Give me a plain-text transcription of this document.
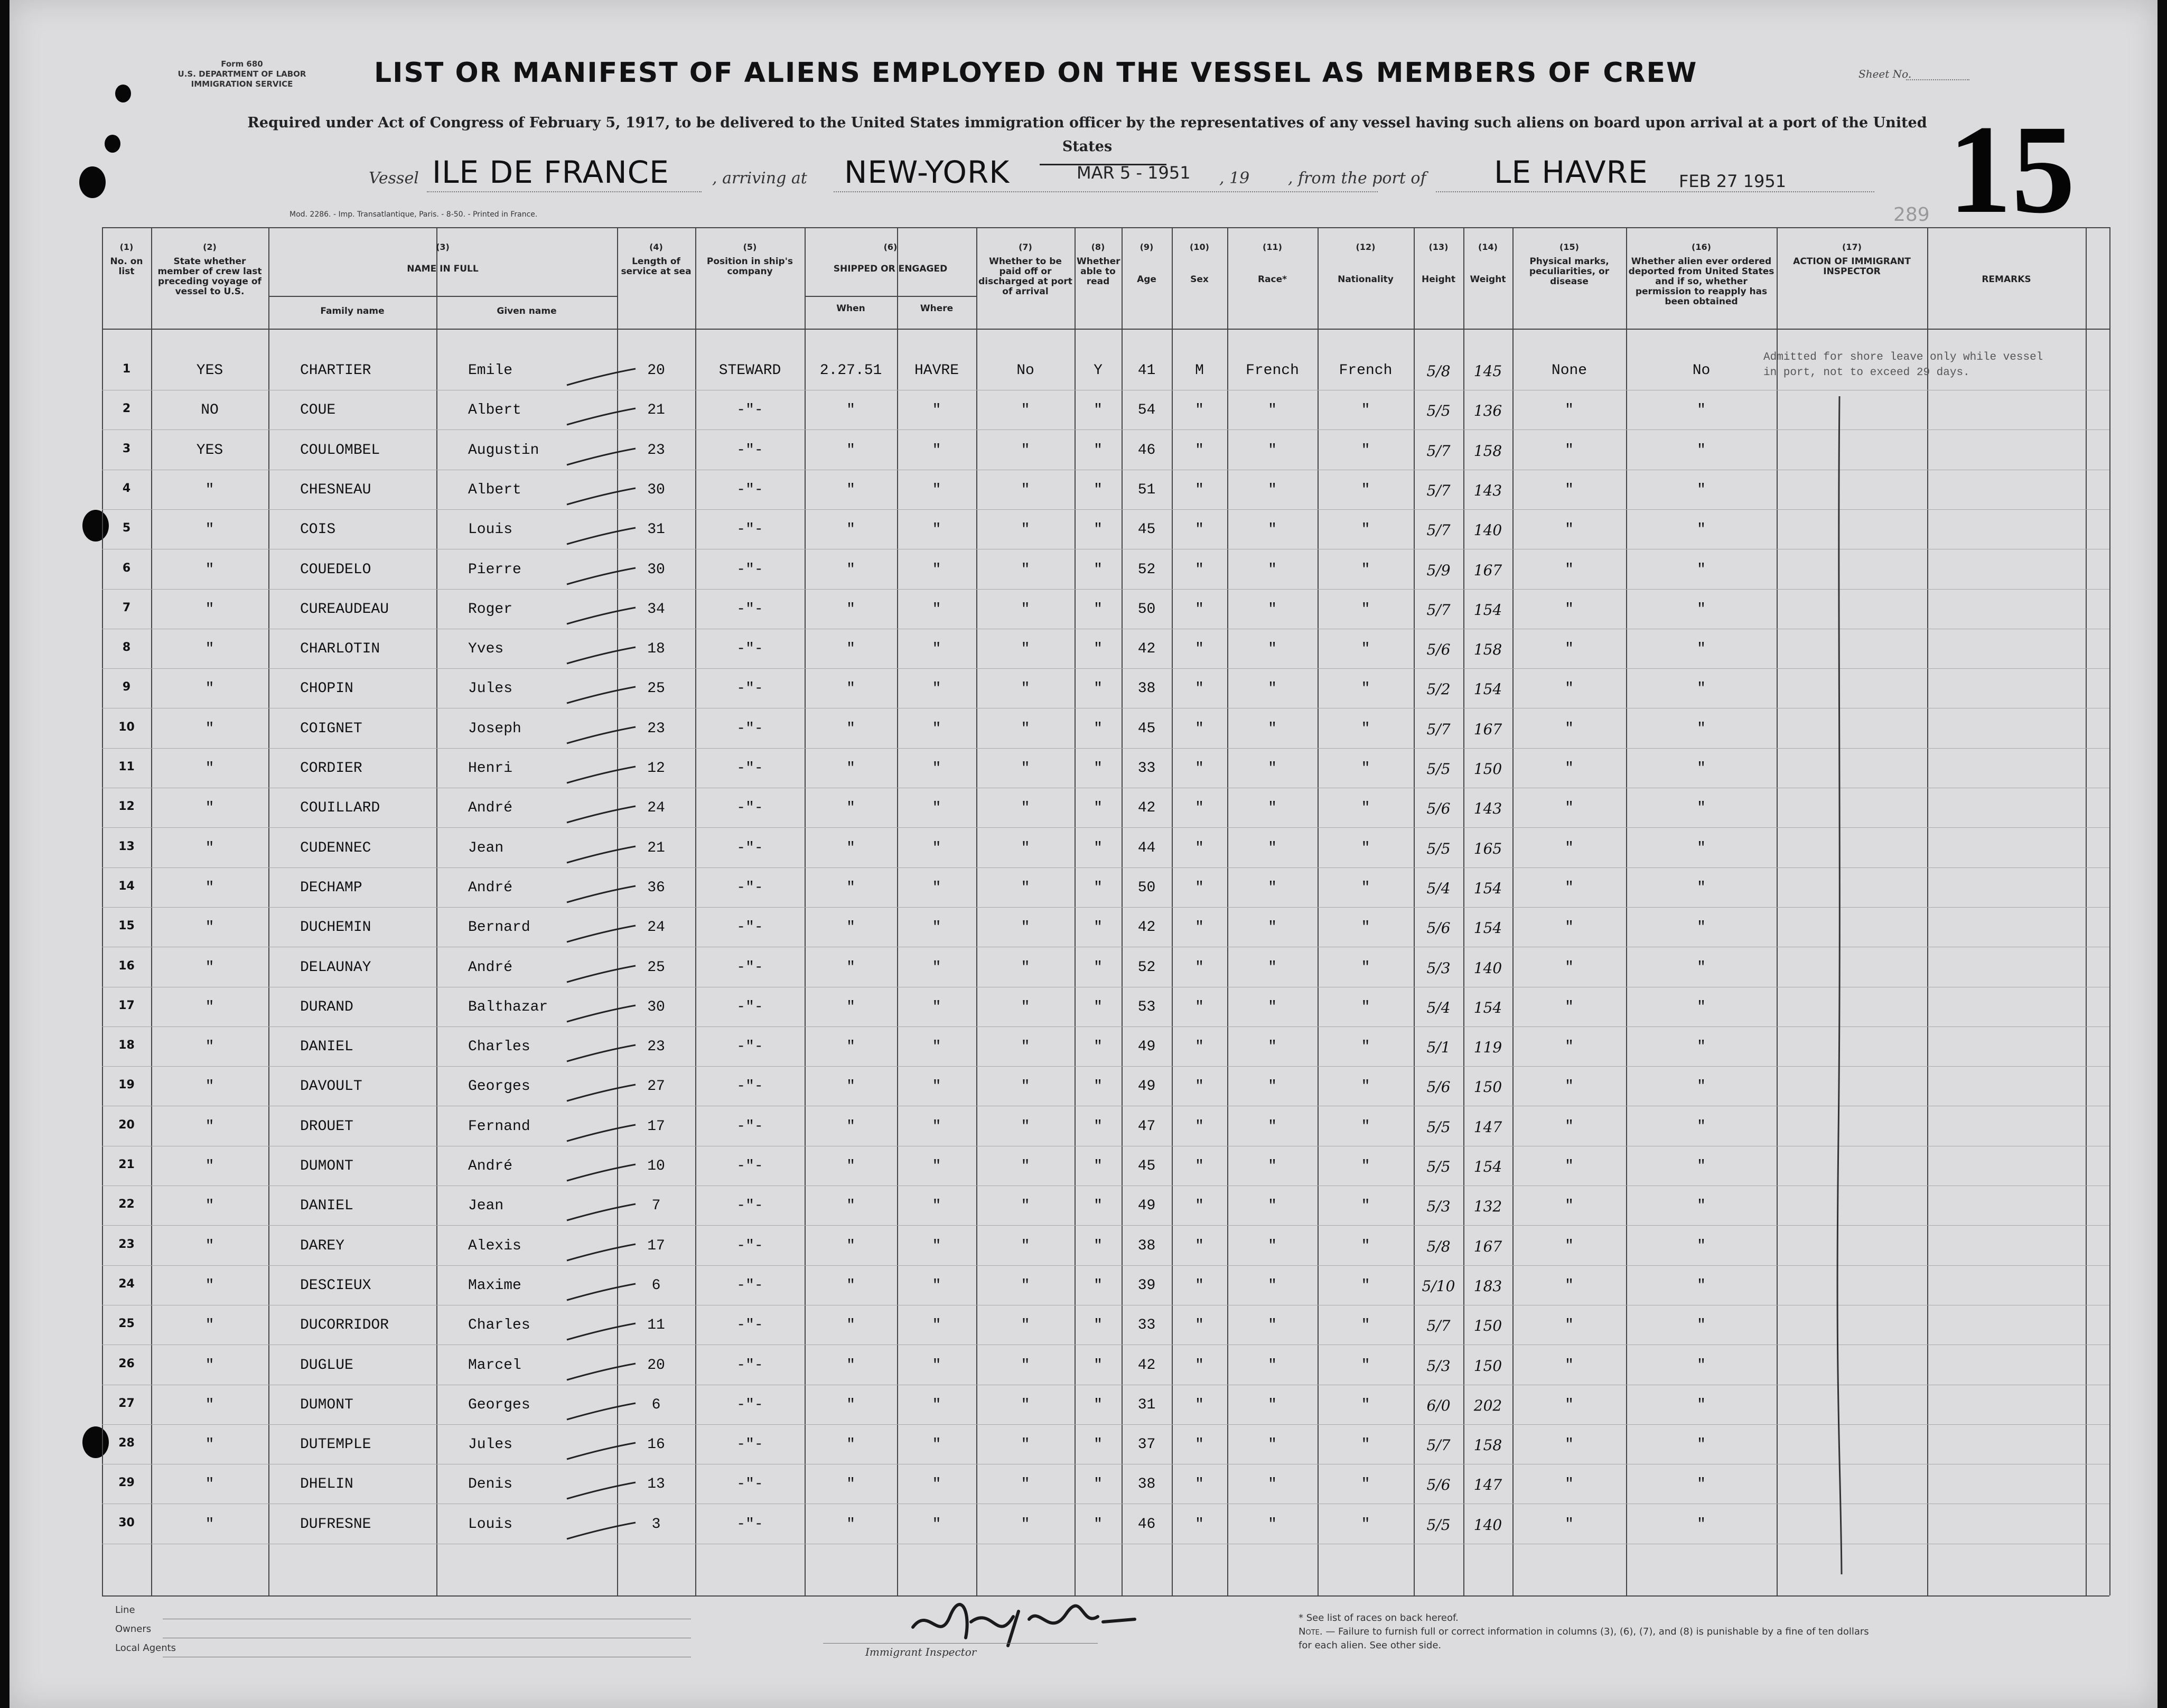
Form 680
U.S. DEPARTMENT OF LABOR
IMMIGRATION SERVICE	LIST OR MANIFEST OF ALIENS EMPLOYED ON THE VESSEL AS MEMBERS OF CREW	Sheet No.
Required under Act of Congress of February 5, 1917, to be delivered to the United States immigration officer by the representatives of any vessel having such aliens on board upon arrival at a port of the United States
Vessel ILE DE FRANCE	, arriving at NEW-YORK	MAR 5 - 1951 , 19 , from the port of LE HAVRE FEB 27 1951
Mod. 2286. - Imp. Transatlantique, Paris. - 8-50. - Printed in France.	15
289
(1)
No. on list
(2)
State whether member of crew last preceding voyage of vessel to U.S.
(3)
NAME IN FULL
(4)
Length of service at sea
(5)
Position in ship's company
(6)
SHIPPED OR ENGAGED
(7)
Whether to be paid off or discharged at port of arrival
(8)
Whether able to read
(9)
Age
(10)
Sex
(11)
Race*
(12)
Nationality
(13)
Height
(14)
Weight
(15)
Physical marks, peculiarities, or disease
(16)
Whether alien ever ordered deported from United States and if so, whether permission to reapply has been obtained
(17)
ACTION OF IMMIGRANT INSPECTOR
REMARKS
Family name	Given name	When	Where
1	YES	CHARTIER	Emile	20	STEWARD	2.27.51	HAVRE	No	Y	41	M	French	French	5/8	145	None	No
2	NO	COUE	Albert	21	-"-	"	"	"	"	54	"	"	"	5/5	136	"	"
3	YES	COULOMBEL	Augustin	23	-"-	"	"	"	"	46	"	"	"	5/7	158	"	"
4	"	CHESNEAU	Albert	30	-"-	"	"	"	"	51	"	"	"	5/7	143	"	"
5	"	COIS	Louis	31	-"-	"	"	"	"	45	"	"	"	5/7	140	"	"
6	"	COUEDELO	Pierre	30	-"-	"	"	"	"	52	"	"	"	5/9	167	"	"
7	"	CUREAUDEAU	Roger	34	-"-	"	"	"	"	50	"	"	"	5/7	154	"	"
8	"	CHARLOTIN	Yves	18	-"-	"	"	"	"	42	"	"	"	5/6	158	"	"
9	"	CHOPIN	Jules	25	-"-	"	"	"	"	38	"	"	"	5/2	154	"	"
10	"	COIGNET	Joseph	23	-"-	"	"	"	"	45	"	"	"	5/7	167	"	"
11	"	CORDIER	Henri	12	-"-	"	"	"	"	33	"	"	"	5/5	150	"	"
12	"	COUILLARD	André	24	-"-	"	"	"	"	42	"	"	"	5/6	143	"	"
13	"	CUDENNEC	Jean	21	-"-	"	"	"	"	44	"	"	"	5/5	165	"	"
14	"	DECHAMP	André	36	-"-	"	"	"	"	50	"	"	"	5/4	154	"	"
15	"	DUCHEMIN	Bernard	24	-"-	"	"	"	"	42	"	"	"	5/6	154	"	"
16	"	DELAUNAY	André	25	-"-	"	"	"	"	52	"	"	"	5/3	140	"	"
17	"	DURAND	Balthazar	30	-"-	"	"	"	"	53	"	"	"	5/4	154	"	"
18	"	DANIEL	Charles	23	-"-	"	"	"	"	49	"	"	"	5/1	119	"	"
19	"	DAVOULT	Georges	27	-"-	"	"	"	"	49	"	"	"	5/6	150	"	"
20	"	DROUET	Fernand	17	-"-	"	"	"	"	47	"	"	"	5/5	147	"	"
21	"	DUMONT	André	10	-"-	"	"	"	"	45	"	"	"	5/5	154	"	"
22	"	DANIEL	Jean	7	-"-	"	"	"	"	49	"	"	"	5/3	132	"	"
23	"	DAREY	Alexis	17	-"-	"	"	"	"	38	"	"	"	5/8	167	"	"
24	"	DESCIEUX	Maxime	6	-"-	"	"	"	"	39	"	"	"	5/10	183	"	"
25	"	DUCORRIDOR	Charles	11	-"-	"	"	"	"	33	"	"	"	5/7	150	"	"
26	"	DUGLUE	Marcel	20	-"-	"	"	"	"	42	"	"	"	5/3	150	"	"
27	"	DUMONT	Georges	6	-"-	"	"	"	"	31	"	"	"	6/0	202	"	"
28	"	DUTEMPLE	Jules	16	-"-	"	"	"	"	37	"	"	"	5/7	158	"	"
29	"	DHELIN	Denis	13	-"-	"	"	"	"	38	"	"	"	5/6	147	"	"
30	"	DUFRESNE	Louis	3	-"-	"	"	"	"	46	"	"	"	5/5	140	"	"
Admitted for shore leave only while vessel in port, not to exceed 29 days.
Line
Owners
Local Agents	Immigrant Inspector
* See list of races on back hereof.
Note. — Failure to furnish full or correct information in columns (3), (6), (7), and (8) is punishable by a fine of ten dollars for each alien. See other side.
